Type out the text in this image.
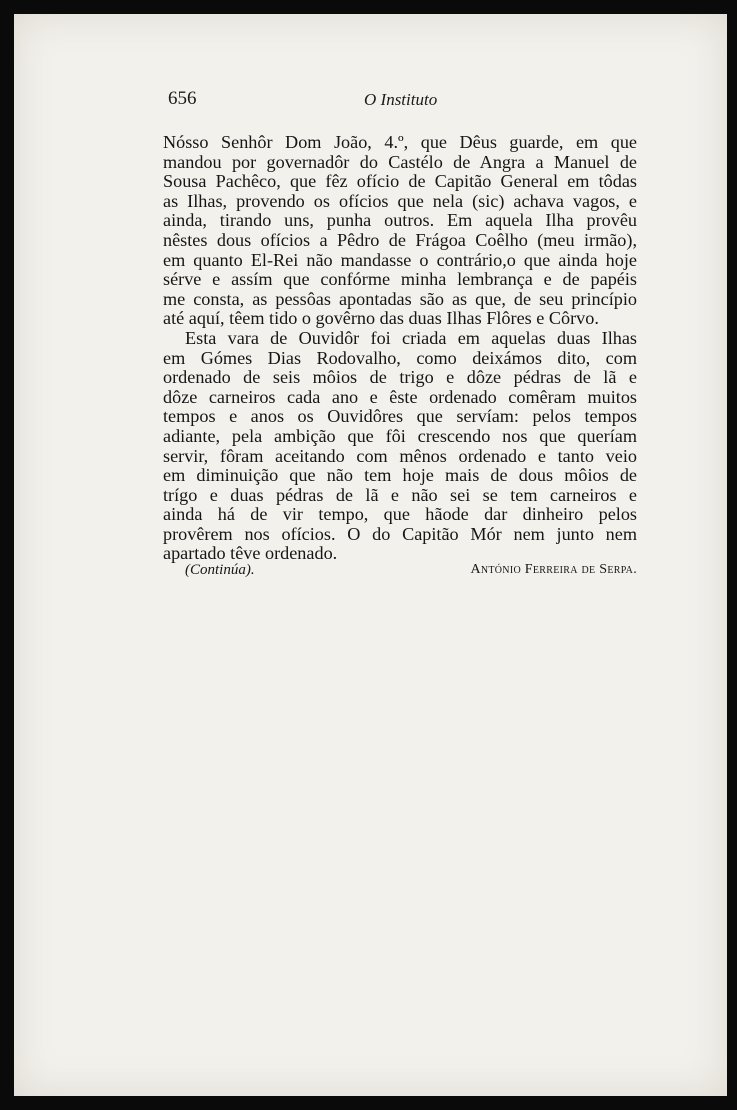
656	O Instituto
Nósso Senhôr Dom João, 4.º, que Dêus guarde, em que
mandou por governadôr do Castélo de Angra a Manuel de
Sousa Pachêco, que fêz ofício de Capitão General em tôdas
as Ilhas, provendo os ofícios que nela (sic) achava vagos, e
ainda, tirando uns, punha outros. Em aquela Ilha provêu
nêstes dous ofícios a Pêdro de Frágoa Coêlho (meu irmão),
em quanto El-Rei não mandasse o contrário,o que ainda hoje
sérve e assím que confórme minha lembrança e de papéis
me consta, as pessôas apontadas são as que, de seu princípio
até aquí, têem tido o govêrno das duas Ilhas Flôres e Côrvo.
Esta vara de Ouvidôr foi criada em aquelas duas Ilhas
em Gómes Dias Rodovalho, como deixámos dito, com
ordenado de seis môios de trigo e dôze pédras de lã e
dôze carneiros cada ano e êste ordenado comêram muitos
tempos e anos os Ouvidôres que servíam: pelos tempos
adiante, pela ambição que fôi crescendo nos que queríam
servir, fôram aceitando com mênos ordenado e tanto veio
em diminuição que não tem hoje mais de dous môios de
trígo e duas pédras de lã e não sei se tem carneiros e
ainda há de vir tempo, que hãode dar dinheiro pelos
provêrem nos ofícios. O do Capitão Mór nem junto nem
apartado têve ordenado.
(Continúa).	António Ferreira de Serpa.
